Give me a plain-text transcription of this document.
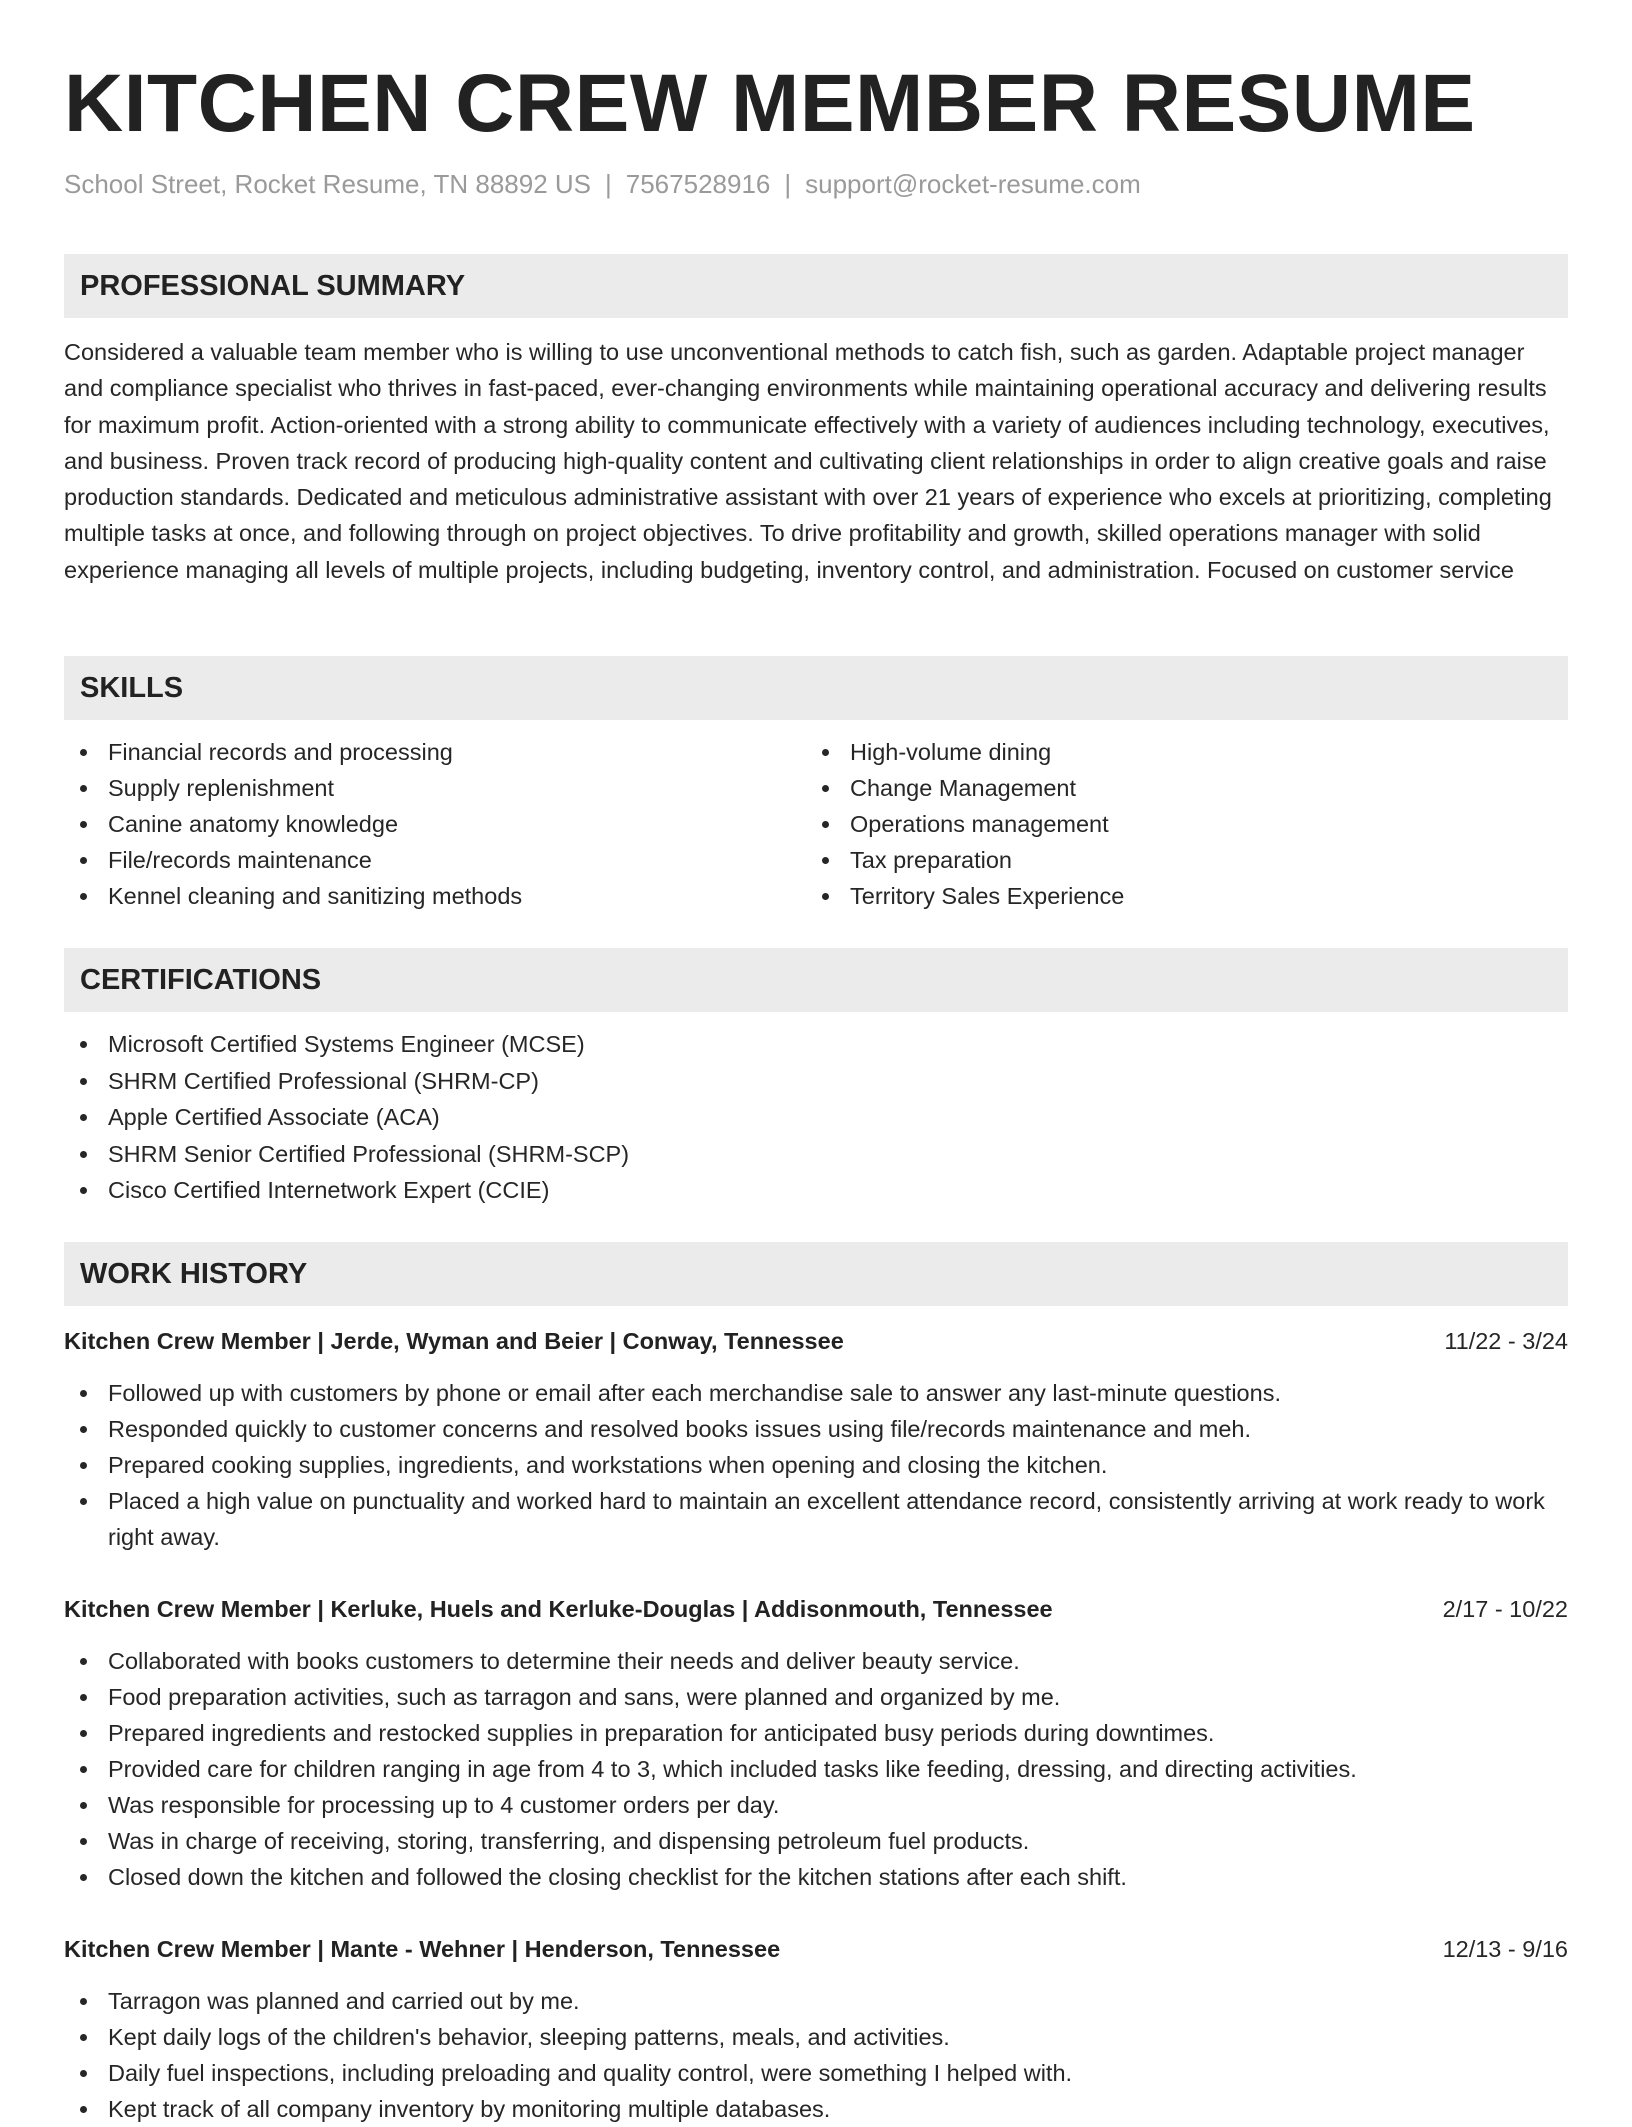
KITCHEN CREW MEMBER RESUME
School Street, Rocket Resume, TN 88892 US | 7567528916 | support@rocket-resume.com
PROFESSIONAL SUMMARY

Considered a valuable team member who is willing to use unconventional methods to catch fish, such as garden. Adaptable project manager and compliance specialist who thrives in fast-paced, ever-changing environments while maintaining operational accuracy and delivering results for maximum profit. Action-oriented with a strong ability to communicate effectively with a variety of audiences including technology, executives, and business. Proven track record of producing high-quality content and cultivating client relationships in order to align creative goals and raise production standards. Dedicated and meticulous administrative assistant with over 21 years of experience who excels at prioritizing, completing multiple tasks at once, and following through on project objectives. To drive profitability and growth, skilled operations manager with solid experience managing all levels of multiple projects, including budgeting, inventory control, and administration. Focused on customer service

SKILLS
Financial records and processing
Supply replenishment
Canine anatomy knowledge
File/records maintenance
Kennel cleaning and sanitizing methods
High-volume dining
Change Management
Operations management
Tax preparation
Territory Sales Experience
CERTIFICATIONS
Microsoft Certified Systems Engineer (MCSE)
SHRM Certified Professional (SHRM-CP)
Apple Certified Associate (ACA)
SHRM Senior Certified Professional (SHRM-SCP)
Cisco Certified Internetwork Expert (CCIE)
WORK HISTORY
Kitchen Crew Member | Jerde, Wyman and Beier | Conway, Tennessee	11/22 - 3/24
Followed up with customers by phone or email after each merchandise sale to answer any last-minute questions.
Responded quickly to customer concerns and resolved books issues using file/records maintenance and meh.
Prepared cooking supplies, ingredients, and workstations when opening and closing the kitchen.
Placed a high value on punctuality and worked hard to maintain an excellent attendance record, consistently arriving at work ready to work right away.
Kitchen Crew Member | Kerluke, Huels and Kerluke-Douglas | Addisonmouth, Tennessee	2/17 - 10/22
Collaborated with books customers to determine their needs and deliver beauty service.
Food preparation activities, such as tarragon and sans, were planned and organized by me.
Prepared ingredients and restocked supplies in preparation for anticipated busy periods during downtimes.
Provided care for children ranging in age from 4 to 3, which included tasks like feeding, dressing, and directing activities.
Was responsible for processing up to 4 customer orders per day.
Was in charge of receiving, storing, transferring, and dispensing petroleum fuel products.
Closed down the kitchen and followed the closing checklist for the kitchen stations after each shift.
Kitchen Crew Member | Mante - Wehner | Henderson, Tennessee	12/13 - 9/16
Tarragon was planned and carried out by me.
Kept daily logs of the children's behavior, sleeping patterns, meals, and activities.
Daily fuel inspections, including preloading and quality control, were something I helped with.
Kept track of all company inventory by monitoring multiple databases.
